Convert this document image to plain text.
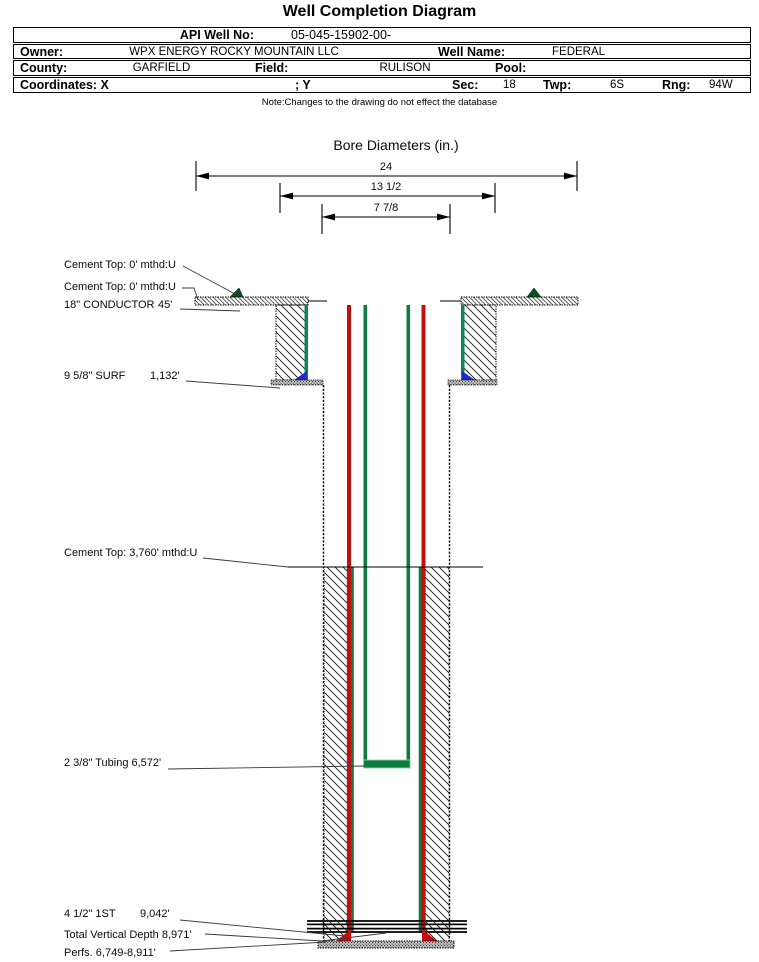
Well Completion Diagram
API Well No:	05-045-15902-00-
Owner:	WPX ENERGY ROCKY MOUNTAIN LLC	Well Name:	FEDERAL
County:	GARFIELD	Field:	RULISON	Pool:
Coordinates: X	; Y	Sec: 18 Twp:	6S	Rng: 94W
Note:Changes to the drawing do not effect the database
Bore Diameters (in.)
24
13 1/2
7 7/8
Cement Top: 0' mthd:U
Cement Top: 0' mthd:U
18" CONDUCTOR 45'
9 5/8" SURF 1,132'
Cement Top: 3,760' mthd:U
2 3/8" Tubing 6,572'
4 1/2" 1ST 9,042'
Total Vertical Depth 8,971'
Perfs. 6,749-8,911'
